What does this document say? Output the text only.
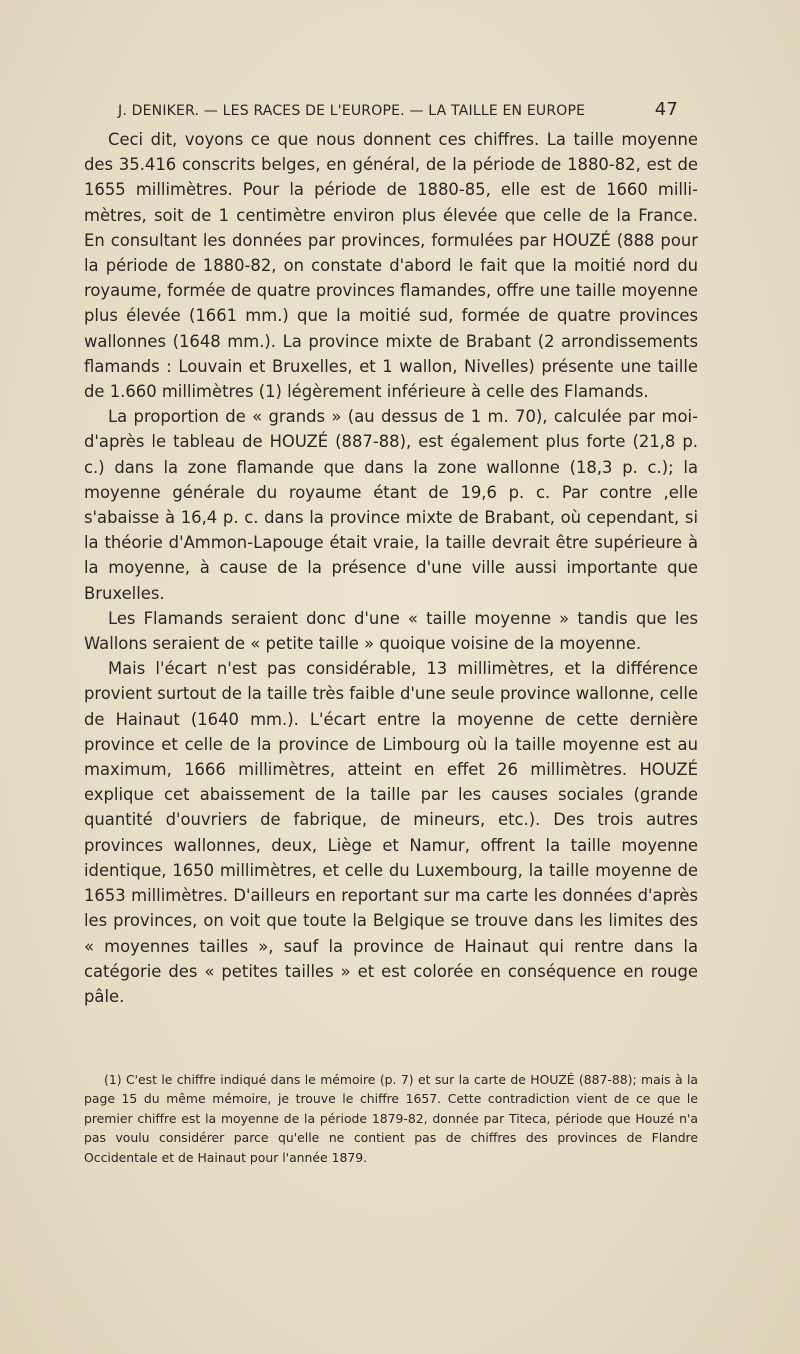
J. DENIKER. — LES RACES DE L'EUROPE. — LA TAILLE EN EUROPE	47

Ceci dit, voyons ce que nous donnent ces chiffres. La taille moyenne des 35.416 conscrits belges, en général, de la période de 1880-82, est de 1655 millimètres. Pour la période de 1880-85, elle est de 1660 milli- mètres, soit de 1 centimètre environ plus élevée que celle de la France. En consultant les données par provinces, formulées par HOUZÉ (888 pour la période de 1880-82, on constate d'abord le fait que la moitié nord du royaume, formée de quatre provinces flamandes, offre une taille moyenne plus élevée (1661 mm.) que la moitié sud, formée de quatre provinces wallonnes (1648 mm.). La province mixte de Brabant (2 arrondissements flamands : Louvain et Bruxelles, et 1 wallon, Nivelles) présente une taille de 1.660 millimètres (1) légèrement inférieure à celle des Flamands.

La proportion de « grands » (au dessus de 1 m. 70), calculée par moi- d'après le tableau de HOUZÉ (887-88), est également plus forte (21,8 p. c.) dans la zone flamande que dans la zone wallonne (18,3 p. c.); la moyenne générale du royaume étant de 19,6 p. c. Par contre ,elle s'abaisse à 16,4 p. c. dans la province mixte de Brabant, où cependant, si la théorie d'Ammon-Lapouge était vraie, la taille devrait être supérieure à la moyenne, à cause de la présence d'une ville aussi importante que Bruxelles.

Les Flamands seraient donc d'une « taille moyenne » tandis que les Wallons seraient de « petite taille » quoique voisine de la moyenne.

Mais l'écart n'est pas considérable, 13 millimètres, et la différence provient surtout de la taille très faible d'une seule province wallonne, celle de Hainaut (1640 mm.). L'écart entre la moyenne de cette dernière province et celle de la province de Limbourg où la taille moyenne est au maximum, 1666 millimètres, atteint en effet 26 millimètres. HOUZÉ explique cet abaissement de la taille par les causes sociales (grande quantité d'ouvriers de fabrique, de mineurs, etc.). Des trois autres provinces wallonnes, deux, Liège et Namur, offrent la taille moyenne identique, 1650 millimètres, et celle du Luxembourg, la taille moyenne de 1653 millimètres. D'ailleurs en reportant sur ma carte les données d'après les provinces, on voit que toute la Belgique se trouve dans les limites des « moyennes tailles », sauf la province de Hainaut qui rentre dans la catégorie des « petites tailles » et est colorée en conséquence en rouge pâle.

(1) C'est le chiffre indiqué dans le mémoire (p. 7) et sur la carte de HOUZÉ (887-88); mais à la page 15 du même mémoire, je trouve le chiffre 1657. Cette contradiction vient de ce que le premier chiffre est la moyenne de la période 1879-82, donnée par Titeca, période que Houzé n'a pas voulu considérer parce qu'elle ne contient pas de chiffres des provinces de Flandre Occidentale et de Hainaut pour l'année 1879.
